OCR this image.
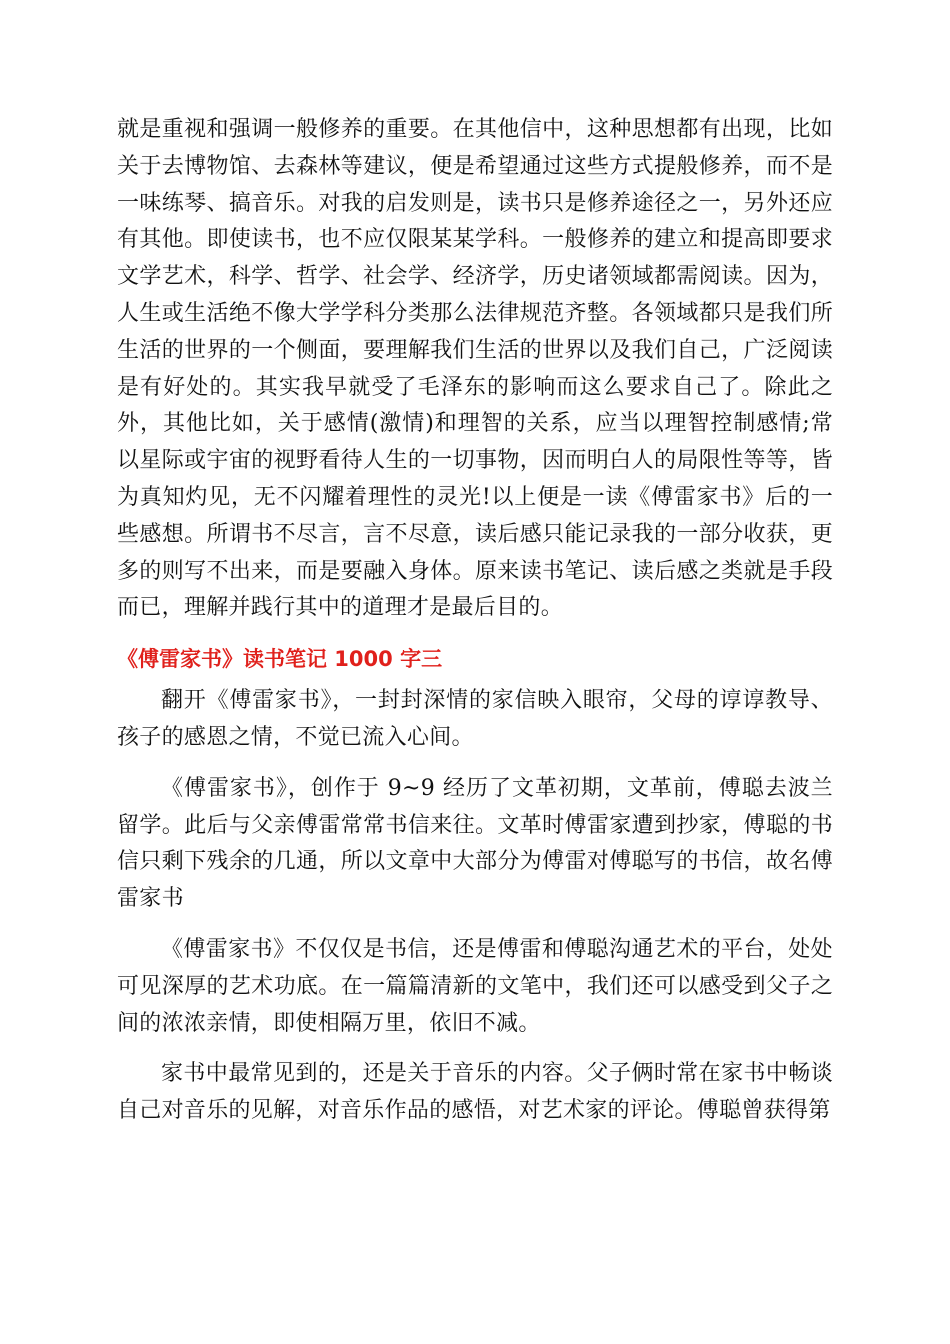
就是重视和强调一般修养的重要。在其他信中，这种思想都有出现，比如关于去博物馆、去森林等建议，便是希望通过这些方式提般修养，而不是一味练琴、搞音乐。对我的启发则是，读书只是修养途径之一，另外还应有其他。即使读书，也不应仅限某某学科。一般修养的建立和提高即要求文学艺术，科学、哲学、社会学、经济学，历史诸领域都需阅读。因为，人生或生活绝不像大学学科分类那么法律规范齐整。各领域都只是我们所生活的世界的一个侧面，要理解我们生活的世界以及我们自己，广泛阅读是有好处的。其实我早就受了毛泽东的影响而这么要求自己了。除此之外，其他比如，关于感情(激情)和理智的关系，应当以理智控制感情;常以星际或宇宙的视野看待人生的一切事物，因而明白人的局限性等等，皆为真知灼见，无不闪耀着理性的灵光!以上便是一读《傅雷家书》后的一些感想。所谓书不尽言，言不尽意，读后感只能记录我的一部分收获，更多的则写不出来，而是要融入身体。原来读书笔记、读后感之类就是手段而已，理解并践行其中的道理才是最后目的。

《傅雷家书》读书笔记 1000 字三

翻开《傅雷家书》，一封封深情的家信映入眼帘，父母的谆谆教导、孩子的感恩之情，不觉已流入心间。

《傅雷家书》，创作于 9~9 经历了文革初期，文革前，傅聪去波兰留学。此后与父亲傅雷常常书信来往。文革时傅雷家遭到抄家，傅聪的书信只剩下残余的几通，所以文章中大部分为傅雷对傅聪写的书信，故名傅雷家书

《傅雷家书》不仅仅是书信，还是傅雷和傅聪沟通艺术的平台，处处可见深厚的艺术功底。在一篇篇清新的文笔中，我们还可以感受到父子之间的浓浓亲情，即使相隔万里，依旧不减。

家书中最常见到的，还是关于音乐的内容。父子俩时常在家书中畅谈自己对音乐的见解，对音乐作品的感悟，对艺术家的评论。傅聪曾获得第
